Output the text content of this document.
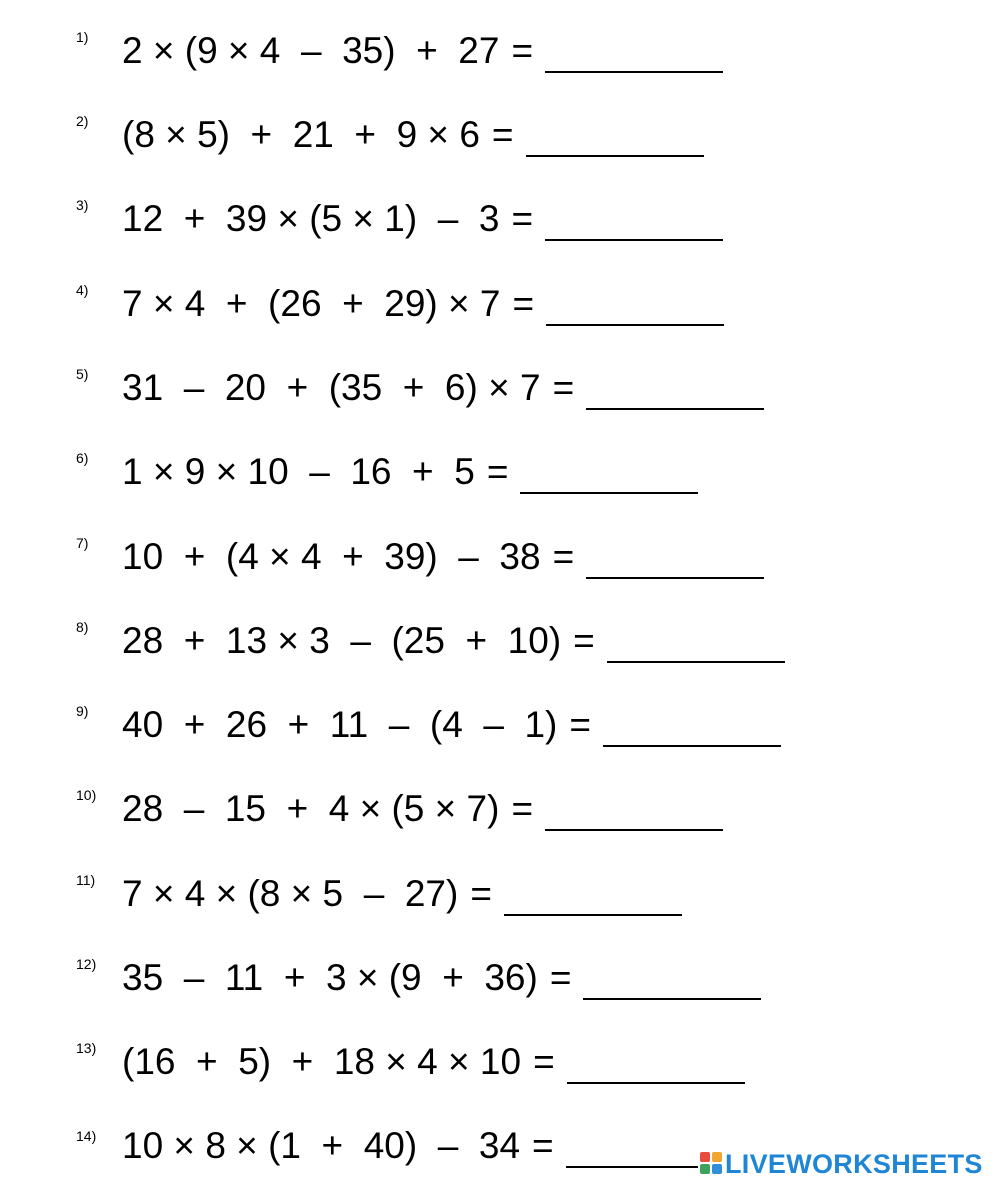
1) 2 × (9 × 4  –  35)  +  27 =
2) (8 × 5)  +  21  +  9 × 6 =
3) 12  +  39 × (5 × 1)  –  3 =
4) 7 × 4  +  (26  +  29) × 7 =
5) 31  –  20  +  (35  +  6) × 7 =
6) 1 × 9 × 10  –  16  +  5 =
7) 10  +  (4 × 4  +  39)  –  38 =
8) 28  +  13 × 3  –  (25  +  10) =
9) 40  +  26  +  11  –  (4  –  1) =
10) 28  –  15  +  4 × (5 × 7) =
11) 7 × 4 × (8 × 5  –  27) =
12) 35  –  11  +  3 × (9  +  36) =
13) (16  +  5)  +  18 × 4 × 10 =
14) 10 × 8 × (1  +  40)  –  34 =	LIVEWORKSHEETS
